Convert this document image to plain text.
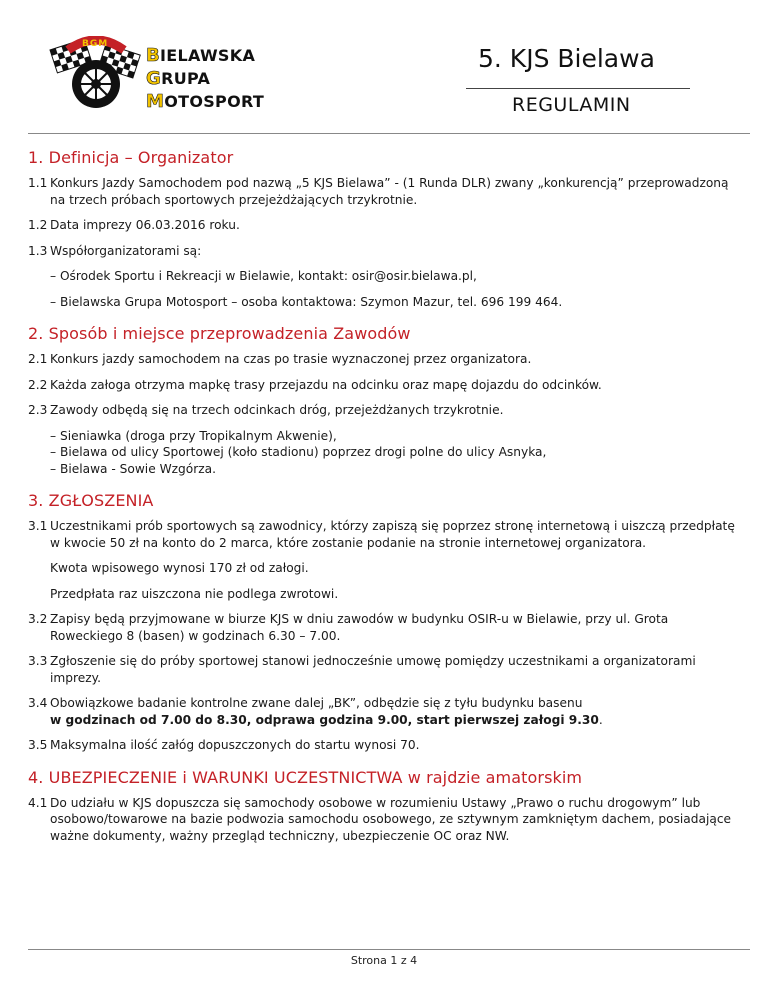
BGM
BIELAWSKA
GRUPA
MOTOSPORT
5. KJS Bielawa
REGULAMIN
1. Definicja – Organizator
1.1 Konkurs Jazdy Samochodem pod nazwą „5 KJS Bielawa” - (1 Runda DLR) zwany „konkurencją” przeprowadzoną na trzech próbach sportowych przejeżdżających trzykrotnie.
1.2 Data imprezy 06.03.2016 roku.
1.3 Współorganizatorami są:
– Ośrodek Sportu i Rekreacji w Bielawie, kontakt: osir@osir.bielawa.pl,
– Bielawska Grupa Motosport – osoba kontaktowa: Szymon Mazur, tel. 696 199 464.
2. Sposób i miejsce przeprowadzenia Zawodów
2.1 Konkurs jazdy samochodem na czas po trasie wyznaczonej przez organizatora.
2.2 Każda załoga otrzyma mapkę trasy przejazdu na odcinku oraz mapę dojazdu do odcinków.
2.3 Zawody odbędą się na trzech odcinkach dróg, przejeżdżanych trzykrotnie.
– Sieniawka (droga przy Tropikalnym Akwenie),
– Bielawa od ulicy Sportowej (koło stadionu) poprzez drogi polne do ulicy Asnyka,
– Bielawa - Sowie Wzgórza.
3. ZGŁOSZENIA
3.1 Uczestnikami prób sportowych są zawodnicy, którzy zapiszą się poprzez stronę internetową i uiszczą przedpłatę w kwocie 50 zł na konto do 2 marca, które zostanie podanie na stronie internetowej organizatora.
Kwota wpisowego wynosi 170 zł od załogi.
Przedpłata raz uiszczona nie podlega zwrotowi.
3.2 Zapisy będą przyjmowane w biurze KJS w dniu zawodów w budynku OSIR-u w Bielawie, przy ul. Grota Roweckiego 8 (basen) w godzinach 6.30 – 7.00.
3.3 Zgłoszenie się do próby sportowej stanowi jednocześnie umowę pomiędzy uczestnikami a organizatorami imprezy.
3.4 Obowiązkowe badanie kontrolne zwane dalej „BK”, odbędzie się z tyłu budynku basenu
w godzinach od 7.00 do 8.30, odprawa godzina 9.00, start pierwszej załogi 9.30.
3.5 Maksymalna ilość załóg dopuszczonych do startu wynosi 70.
4. UBEZPIECZENIE i WARUNKI UCZESTNICTWA w rajdzie amatorskim
4.1 Do udziału w KJS dopuszcza się samochody osobowe w rozumieniu Ustawy „Prawo o ruchu drogowym” lub osobowo/towarowe na bazie podwozia samochodu osobowego, ze sztywnym zamkniętym dachem, posiadające ważne dokumenty, ważny przegląd techniczny, ubezpieczenie OC oraz NW.
Strona 1 z 4
